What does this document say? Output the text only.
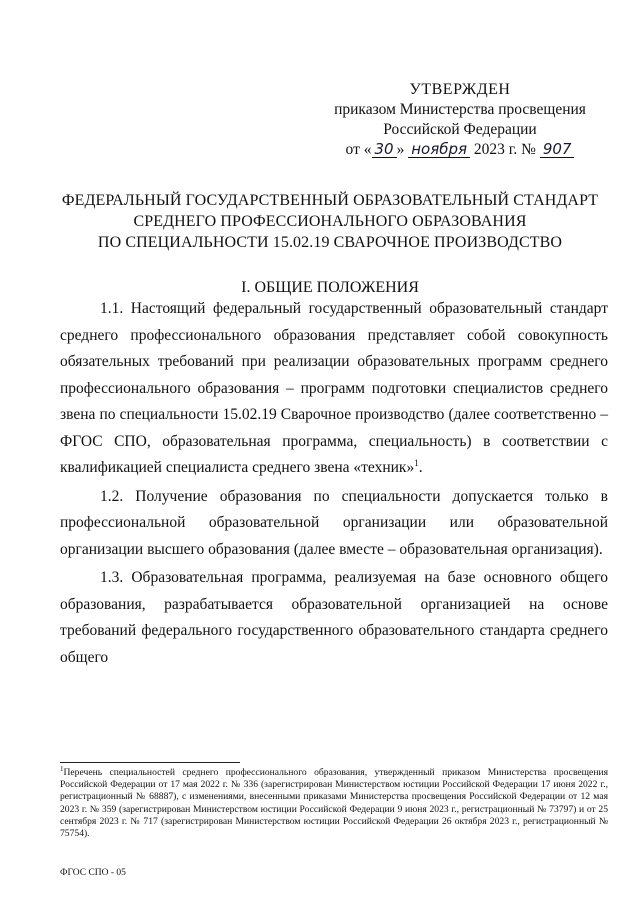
УТВЕРЖДЕН
приказом Министерства просвещения
Российской Федерации
от « 30 » ноября 2023 г. № 907
ФЕДЕРАЛЬНЫЙ ГОСУДАРСТВЕННЫЙ ОБРАЗОВАТЕЛЬНЫЙ СТАНДАРТ
СРЕДНЕГО ПРОФЕССИОНАЛЬНОГО ОБРАЗОВАНИЯ
ПО СПЕЦИАЛЬНОСТИ 15.02.19 СВАРОЧНОЕ ПРОИЗВОДСТВО
I. ОБЩИЕ ПОЛОЖЕНИЯ

1.1. Настоящий федеральный государственный образовательный стандарт среднего профессионального образования представляет собой совокупность обязательных требований при реализации образовательных программ среднего профессионального образования – программ подготовки специалистов среднего звена по специальности 15.02.19 Сварочное производство (далее соответственно – ФГОС СПО, образовательная программа, специальность) в соответствии с квалификацией специалиста среднего звена «техник»$^1$.

1.2. Получение образования по специальности допускается только в профессиональной образовательной организации или образовательной организации высшего образования (далее вместе – образовательная организация).

1.3. Образовательная программа, реализуемая на базе основного общего образования, разрабатывается образовательной организацией на основе требований федерального государственного образовательного стандарта среднего общего

$^1$Перечень специальностей среднего профессионального образования, утвержденный приказом Министерства просвещения Российской Федерации от 17 мая 2022 г. № 336 (зарегистрирован Министерством юстиции Российской Федерации 17 июня 2022 г., регистрационный № 68887), с изменениями, внесенными приказами Министерства просвещения Российской Федерации от 12 мая 2023 г. № 359 (зарегистрирован Министерством юстиции Российской Федерации 9 июня 2023 г., регистрационный № 73797) и от 25 сентября 2023 г. № 717 (зарегистрирован Министерством юстиции Российской Федерации 26 октября 2023 г., регистрационный № 75754).
ФГОС СПО - 05
